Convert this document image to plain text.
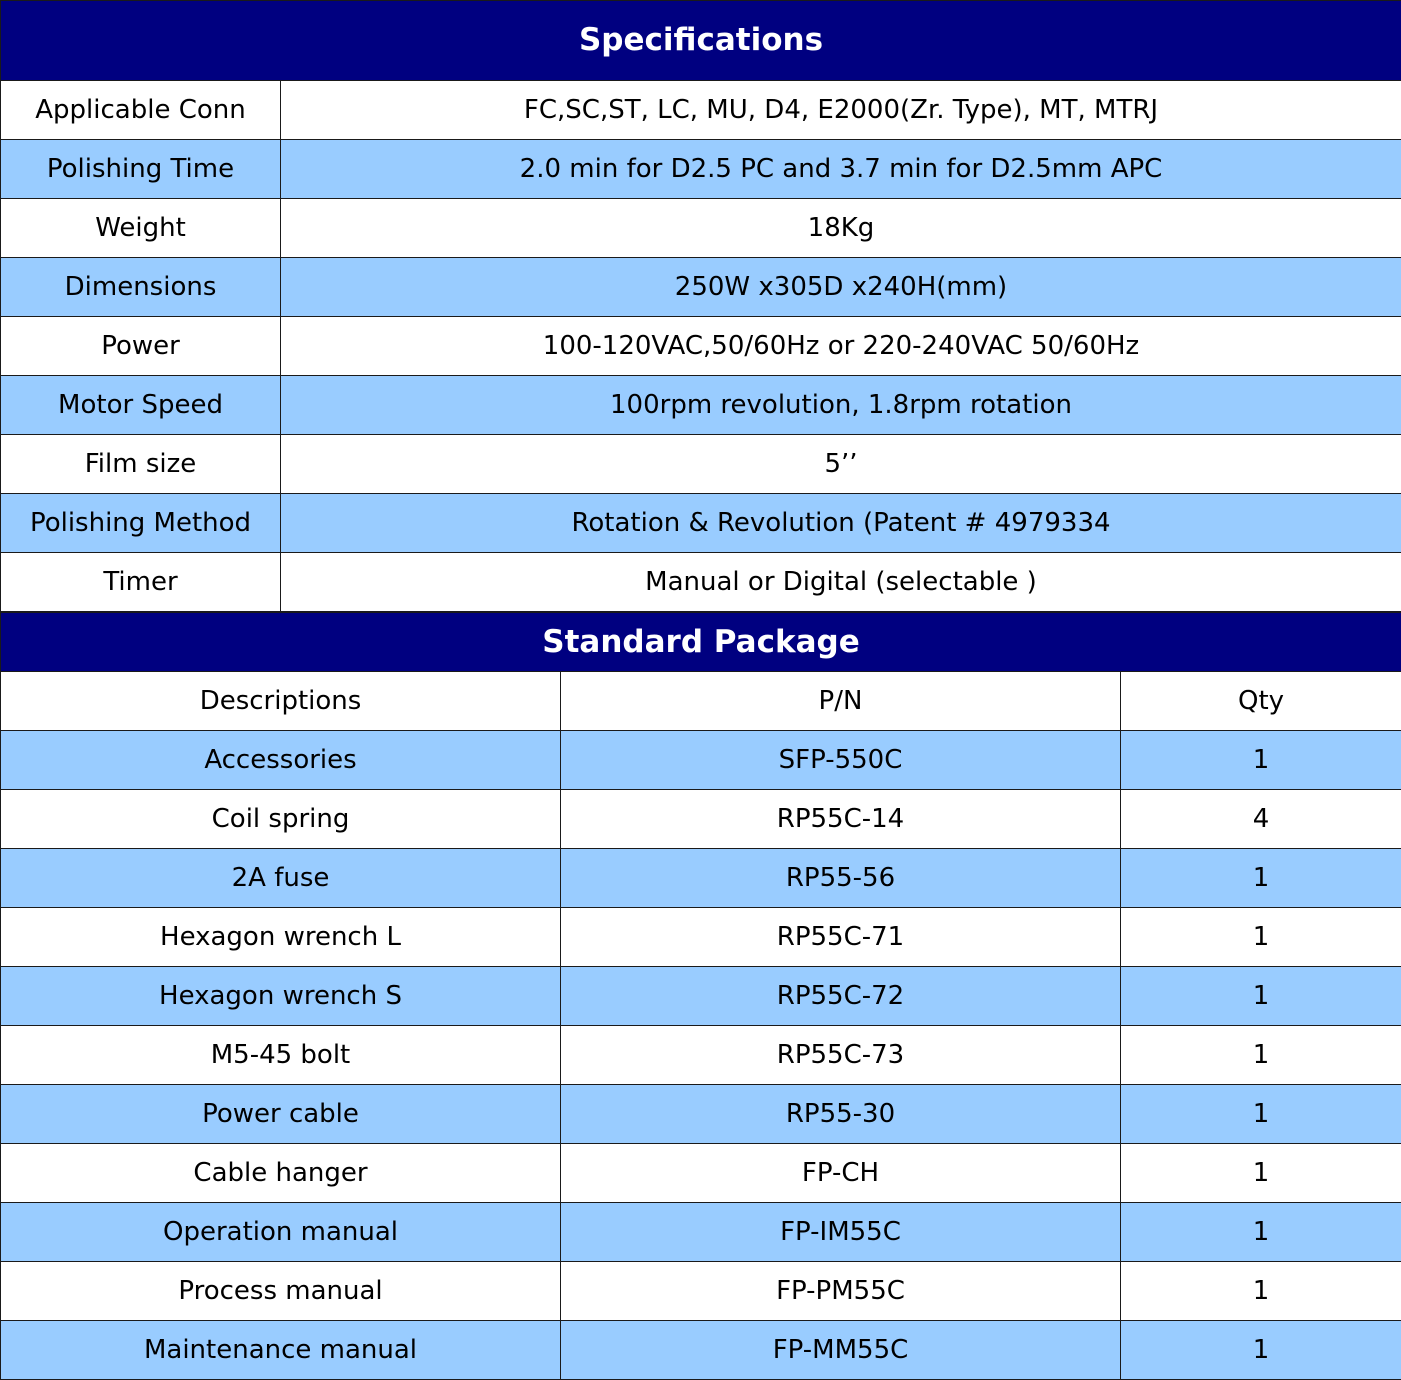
Specifications	
Applicable Conn	FC,SC,ST, LC, MU, D4, E2000(Zr. Type), MT, MTRJ
Polishing Time	2.0 min for D2.5 PC and 3.7 min for D2.5mm APC
Weight	18Kg
Dimensions	250W x305D x240H(mm)
Power	100-120VAC,50/60Hz or 220-240VAC 50/60Hz
Motor Speed	100rpm revolution, 1.8rpm rotation
Film size	5’’
Polishing Method	Rotation & Revolution (Patent # 4979334
Timer	Manual or Digital (selectable )
Standard Package		
Descriptions	P/N	Qty
Accessories	SFP-550C	1
Coil spring	RP55C-14	4
2A fuse	RP55-56	1
Hexagon wrench L	RP55C-71	1
Hexagon wrench S	RP55C-72	1
M5-45 bolt	RP55C-73	1
Power cable	RP55-30	1
Cable hanger	FP-CH	1
Operation manual	FP-IM55C	1
Process manual	FP-PM55C	1
Maintenance manual	FP-MM55C	1
